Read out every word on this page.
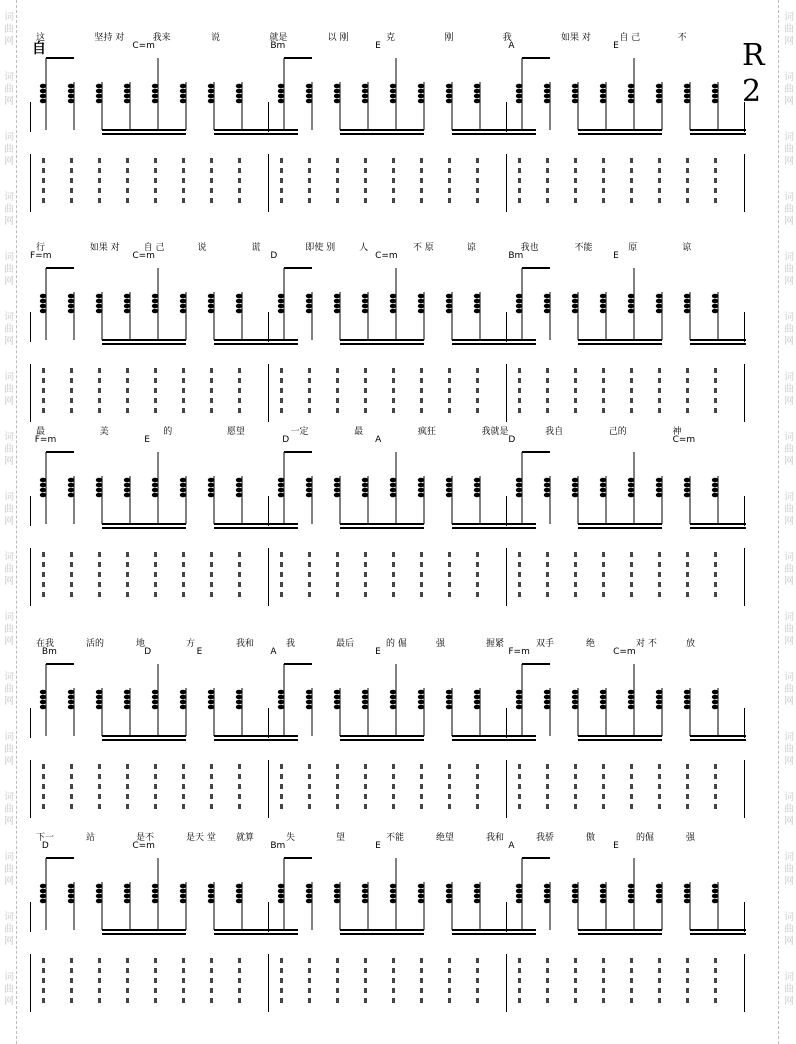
词
曲
网
词
曲
网
词
曲
网
词
曲
网
词
曲
网
词
曲
网
词
曲
网
词
曲
网
词
曲
网
词
曲
网
词
曲
网
词
曲
网
词
曲
网
词
曲
网
词
曲
网
词
曲
网
词
曲
网
词
曲
网
词
曲
网
词
曲
网
词
曲
网
词
曲
网
词
曲
网
词
曲
网
词
曲
网
词
曲
网
词
曲
网
词
曲
网
词
曲
网
词
曲
网
词
曲
网
词
曲
网
词
曲
网
词
曲
网
自	R
2
这	坚持 对	我来	说	就是	以 刚	克	刚	我	如果 对	自 己	不
C=m	Bm	E	A	E
行	如果 对	自 己	说	谎	即使 别	人	不 原	谅	我也	不能	原	谅
F=m	C=m	D	C=m	Bm	E
最	美	的	愿望	一定	最	疯狂	我就是	我自	己的	神
F=m	E	D	A	D	C=m
在我	活的	地	方	我和	我	最后	的 倔	强	握紧	双手	绝	对 不	放
Bm	D	E	A	E	F=m	C=m
下一	站	是不	是天 堂 就算	失	望	不能	绝望	我和	我骄	傲	的倔	强
D	C=m	Bm	E	A	E
